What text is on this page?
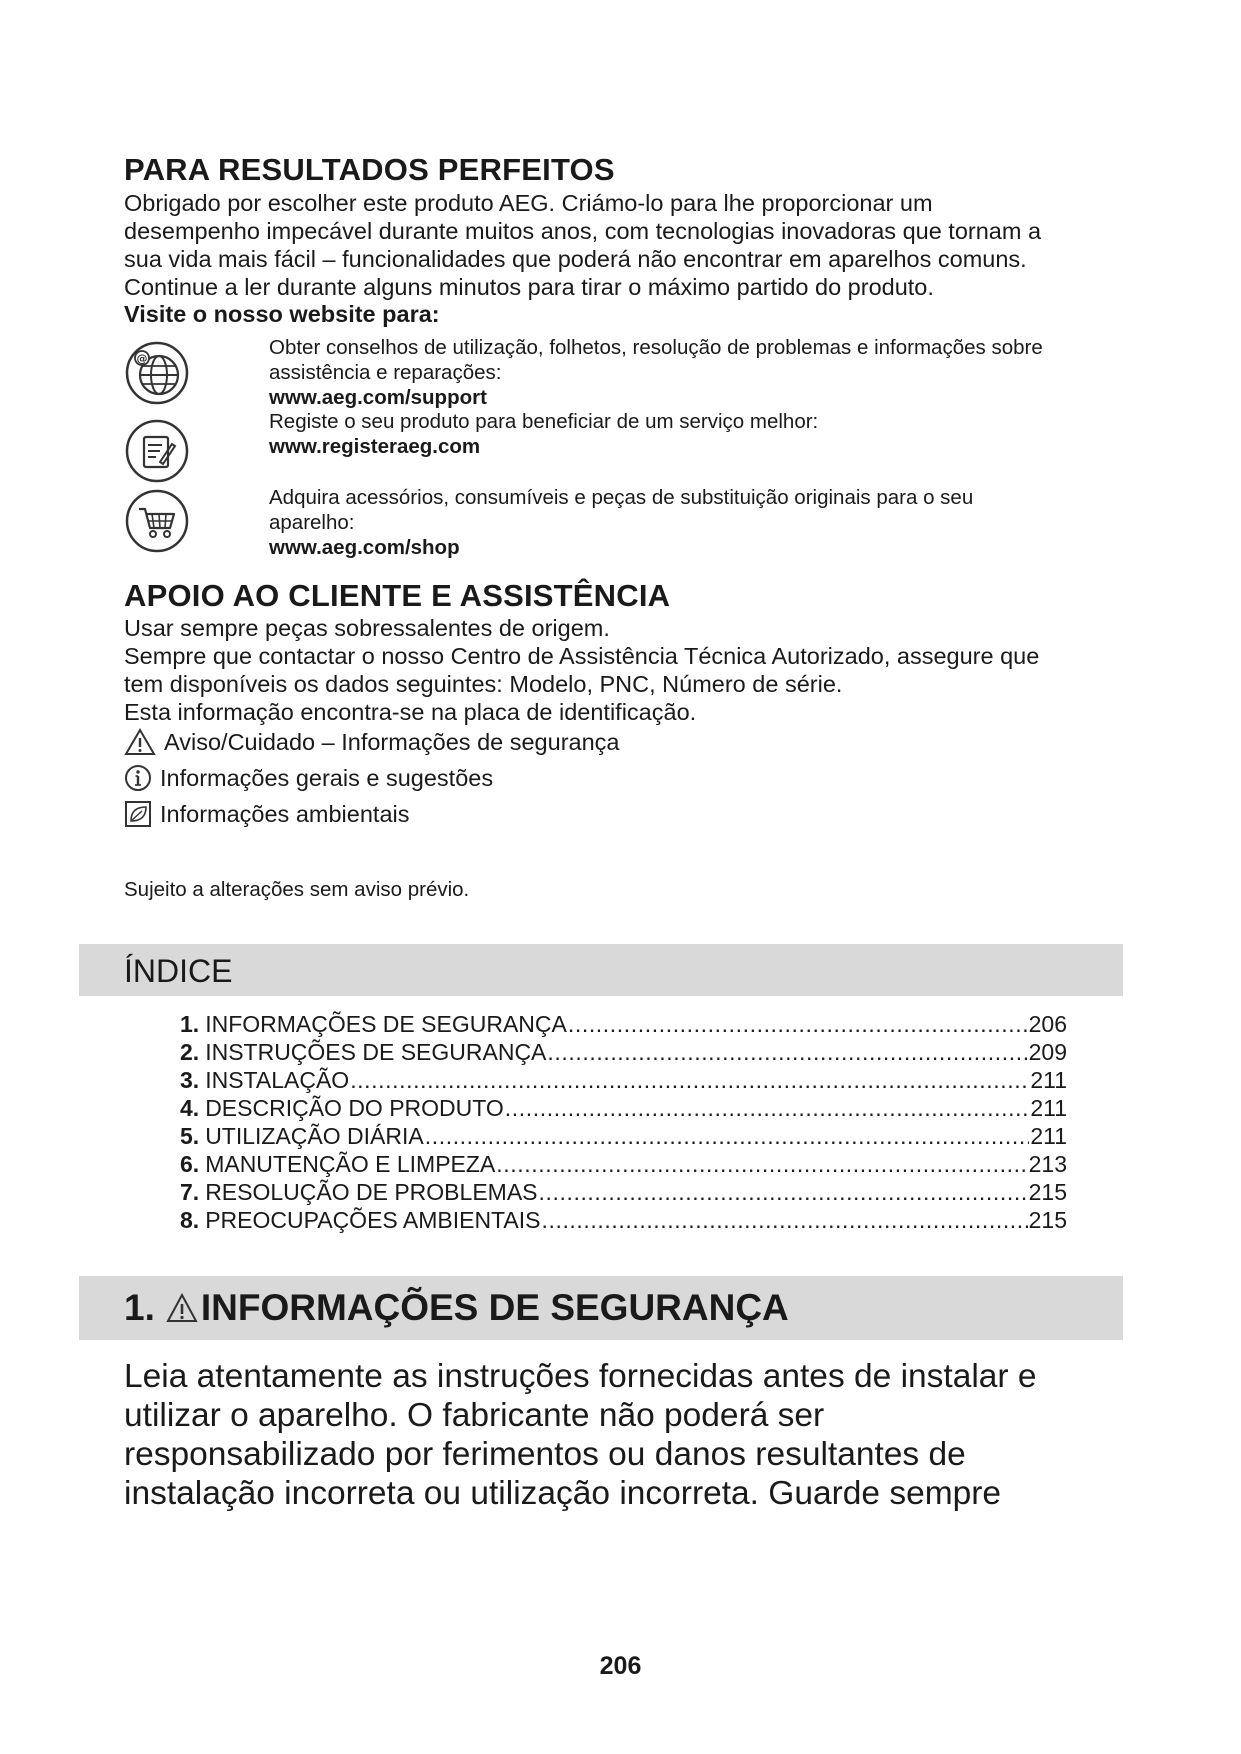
PARA RESULTADOS PERFEITOS
Obrigado por escolher este produto AEG. Criámo-lo para lhe proporcionar um
desempenho impecável durante muitos anos, com tecnologias inovadoras que tornam a
sua vida mais fácil – funcionalidades que poderá não encontrar em aparelhos comuns.
Continue a ler durante alguns minutos para tirar o máximo partido do produto.
Visite o nosso website para:
@	Obter conselhos de utilização, folhetos, resolução de problemas e informações sobre
assistência e reparações:
www.aeg.com/support
Registe o seu produto para beneficiar de um serviço melhor:
www.registeraeg.com
Adquira acessórios, consumíveis e peças de substituição originais para o seu
aparelho:
www.aeg.com/shop
APOIO AO CLIENTE E ASSISTÊNCIA
Usar sempre peças sobressalentes de origem.
Sempre que contactar o nosso Centro de Assistência Técnica Autorizado, assegure que
tem disponíveis os dados seguintes: Modelo, PNC, Número de série.
Esta informação encontra-se na placa de identificação.
Aviso/Cuidado – Informações de segurança
Informações gerais e sugestões
Informações ambientais
Sujeito a alterações sem aviso prévio.
ÍNDICE
1. INFORMAÇÕES DE SEGURANÇA .....	206
2. INSTRUÇÕES DE SEGURANÇA .....	209
3. INSTALAÇÃO .....	211
4. DESCRIÇÃO DO PRODUTO .....	211
5. UTILIZAÇÃO DIÁRIA .....	211
6. MANUTENÇÃO E LIMPEZA .....	213
7. RESOLUÇÃO DE PROBLEMAS .....	215
8. PREOCUPAÇÕES AMBIENTAIS .....	215
1. INFORMAÇÕES DE SEGURANÇA
Leia atentamente as instruções fornecidas antes de instalar e
utilizar o aparelho. O fabricante não poderá ser
responsabilizado por ferimentos ou danos resultantes de
instalação incorreta ou utilização incorreta. Guarde sempre
206
